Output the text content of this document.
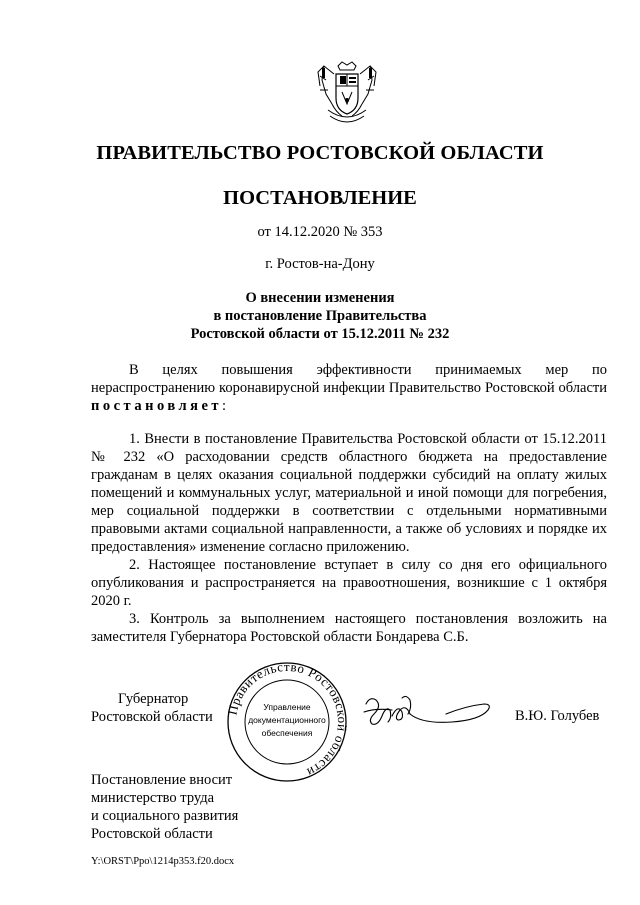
ПРАВИТЕЛЬСТВО РОСТОВСКОЙ ОБЛАСТИ
ПОСТАНОВЛЕНИЕ
от 14.12.2020 № 353
г. Ростов-на-Дону
О внесении изменения
в постановление Правительства
Ростовской области от 15.12.2011 № 232

В целях повышения эффективности принимаемых мер по нераспространению коронавирусной инфекции Правительство Ростовской области постановляет:

1. Внести в постановление Правительства Ростовской области от 15.12.2011 № 232 «О расходовании средств областного бюджета на предоставление гражданам в целях оказания социальной поддержки субсидий на оплату жилых помещений и коммунальных услуг, материальной и иной помощи для погребения, мер социальной поддержки в соответствии с отдельными нормативными правовыми актами социальной направленности, а также об условиях и порядке их предоставления» изменение согласно приложению.

2. Настоящее постановление вступает в силу со дня его официального опубликования и распространяется на правоотношения, возникшие с 1 октября 2020 г.

3. Контроль за выполнением настоящего постановления возложить на заместителя Губернатора Ростовской области Бондарева С.Б.

Губернатор
Ростовской области Правительство Ростовской области
Управление
документационного
обеспечения
В.Ю. Голубев
Постановление вносит
министерство труда
и социального развития
Ростовской области
Y:\ORST\Ppo\1214p353.f20.docx
